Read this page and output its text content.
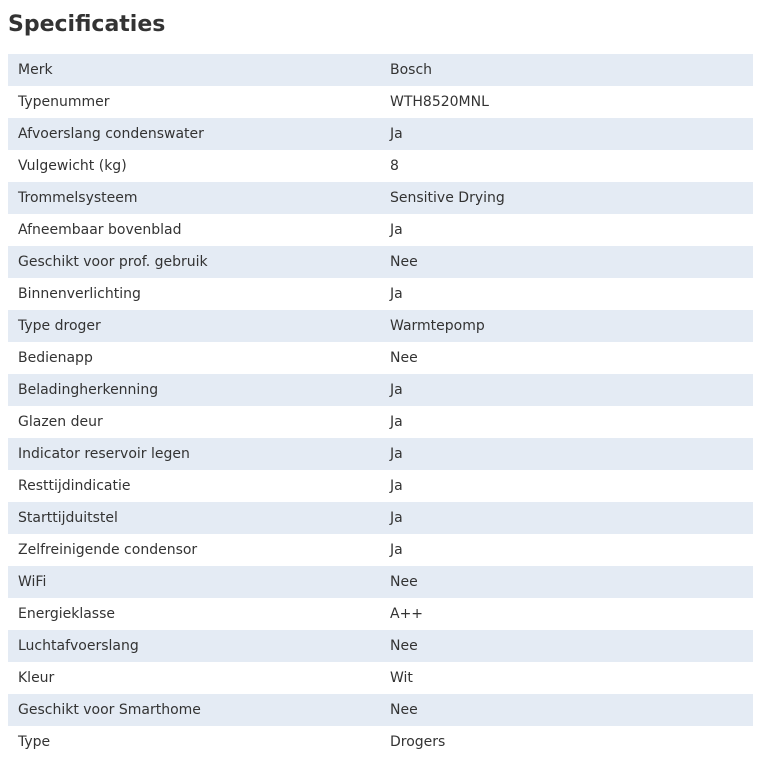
Specificaties
Merk	Bosch
Typenummer	WTH8520MNL
Afvoerslang condenswater	Ja
Vulgewicht (kg)	8
Trommelsysteem	Sensitive Drying
Afneembaar bovenblad	Ja
Geschikt voor prof. gebruik	Nee
Binnenverlichting	Ja
Type droger	Warmtepomp
Bedienapp	Nee
Beladingherkenning	Ja
Glazen deur	Ja
Indicator reservoir legen	Ja
Resttijdindicatie	Ja
Starttijduitstel	Ja
Zelfreinigende condensor	Ja
WiFi	Nee
Energieklasse	A++
Luchtafvoerslang	Nee
Kleur	Wit
Geschikt voor Smarthome	Nee
Type	Drogers
